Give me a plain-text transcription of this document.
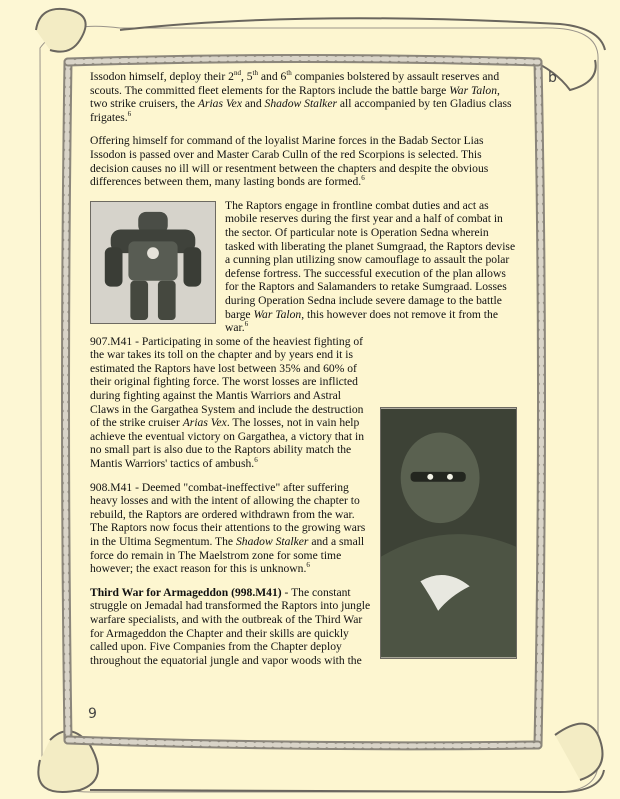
b
9

Issodon himself, deploy their 2nd, 5th and 6th companies bolstered by assault reserves and scouts. The committed fleet elements for the Raptors include the battle barge War Talon, two strike cruisers, the Arias Vex and Shadow Stalker all accompanied by ten Gladius class frigates.$^6$

Offering himself for command of the loyalist Marine forces in the Badab Sector Lias Issodon is passed over and Master Carab Culln of the red Scorpions is selected. This decision causes no ill will or resentment between the chapters and despite the obvious differences between them, many lasting bonds are formed.$^6$

The Raptors engage in frontline combat duties and act as mobile reserves during the first year and a half of combat in the sector. Of particular note is Operation Sedna wherein tasked with liberating the planet Sumgraad, the Raptors devise a cunning plan utilizing snow camouflage to assault the polar defense fortress. The successful execution of the plan allows for the Raptors and Salamanders to retake Sumgraad. Losses during Operation Sedna include severe damage to the battle barge War Talon, this however does not remove it from the war.$^6$

907.M41 - Participating in some of the heaviest fighting of the war takes its toll on the chapter and by years end it is estimated the Raptors have lost between 35% and 60% of their original fighting force. The worst losses are inflicted during fighting against the Mantis Warriors and Astral Claws in the Gargathea System and include the destruction of the strike cruiser Arias Vex. The losses, not in vain help achieve the eventual victory on Gargathea, a victory that in no small part is also due to the Raptors ability match the Mantis Warriors' tactics of ambush.$^6$

908.M41 - Deemed "combat-ineffective" after suffering heavy losses and with the intent of allowing the chapter to rebuild, the Raptors are ordered withdrawn from the war. The Raptors now focus their attentions to the growing wars in the Ultima Segmentum. The Shadow Stalker and a small force do remain in The Maelstrom zone for some time however; the exact reason for this is unknown.$^6$

Third War for Armageddon (998.M41) - The constant struggle on Jemadal had transformed the Raptors into jungle warfare specialists, and with the outbreak of the Third War for Armageddon the Chapter and their skills are quickly called upon. Five Companies from the Chapter deploy throughout the equatorial jungle and vapor woods with the
